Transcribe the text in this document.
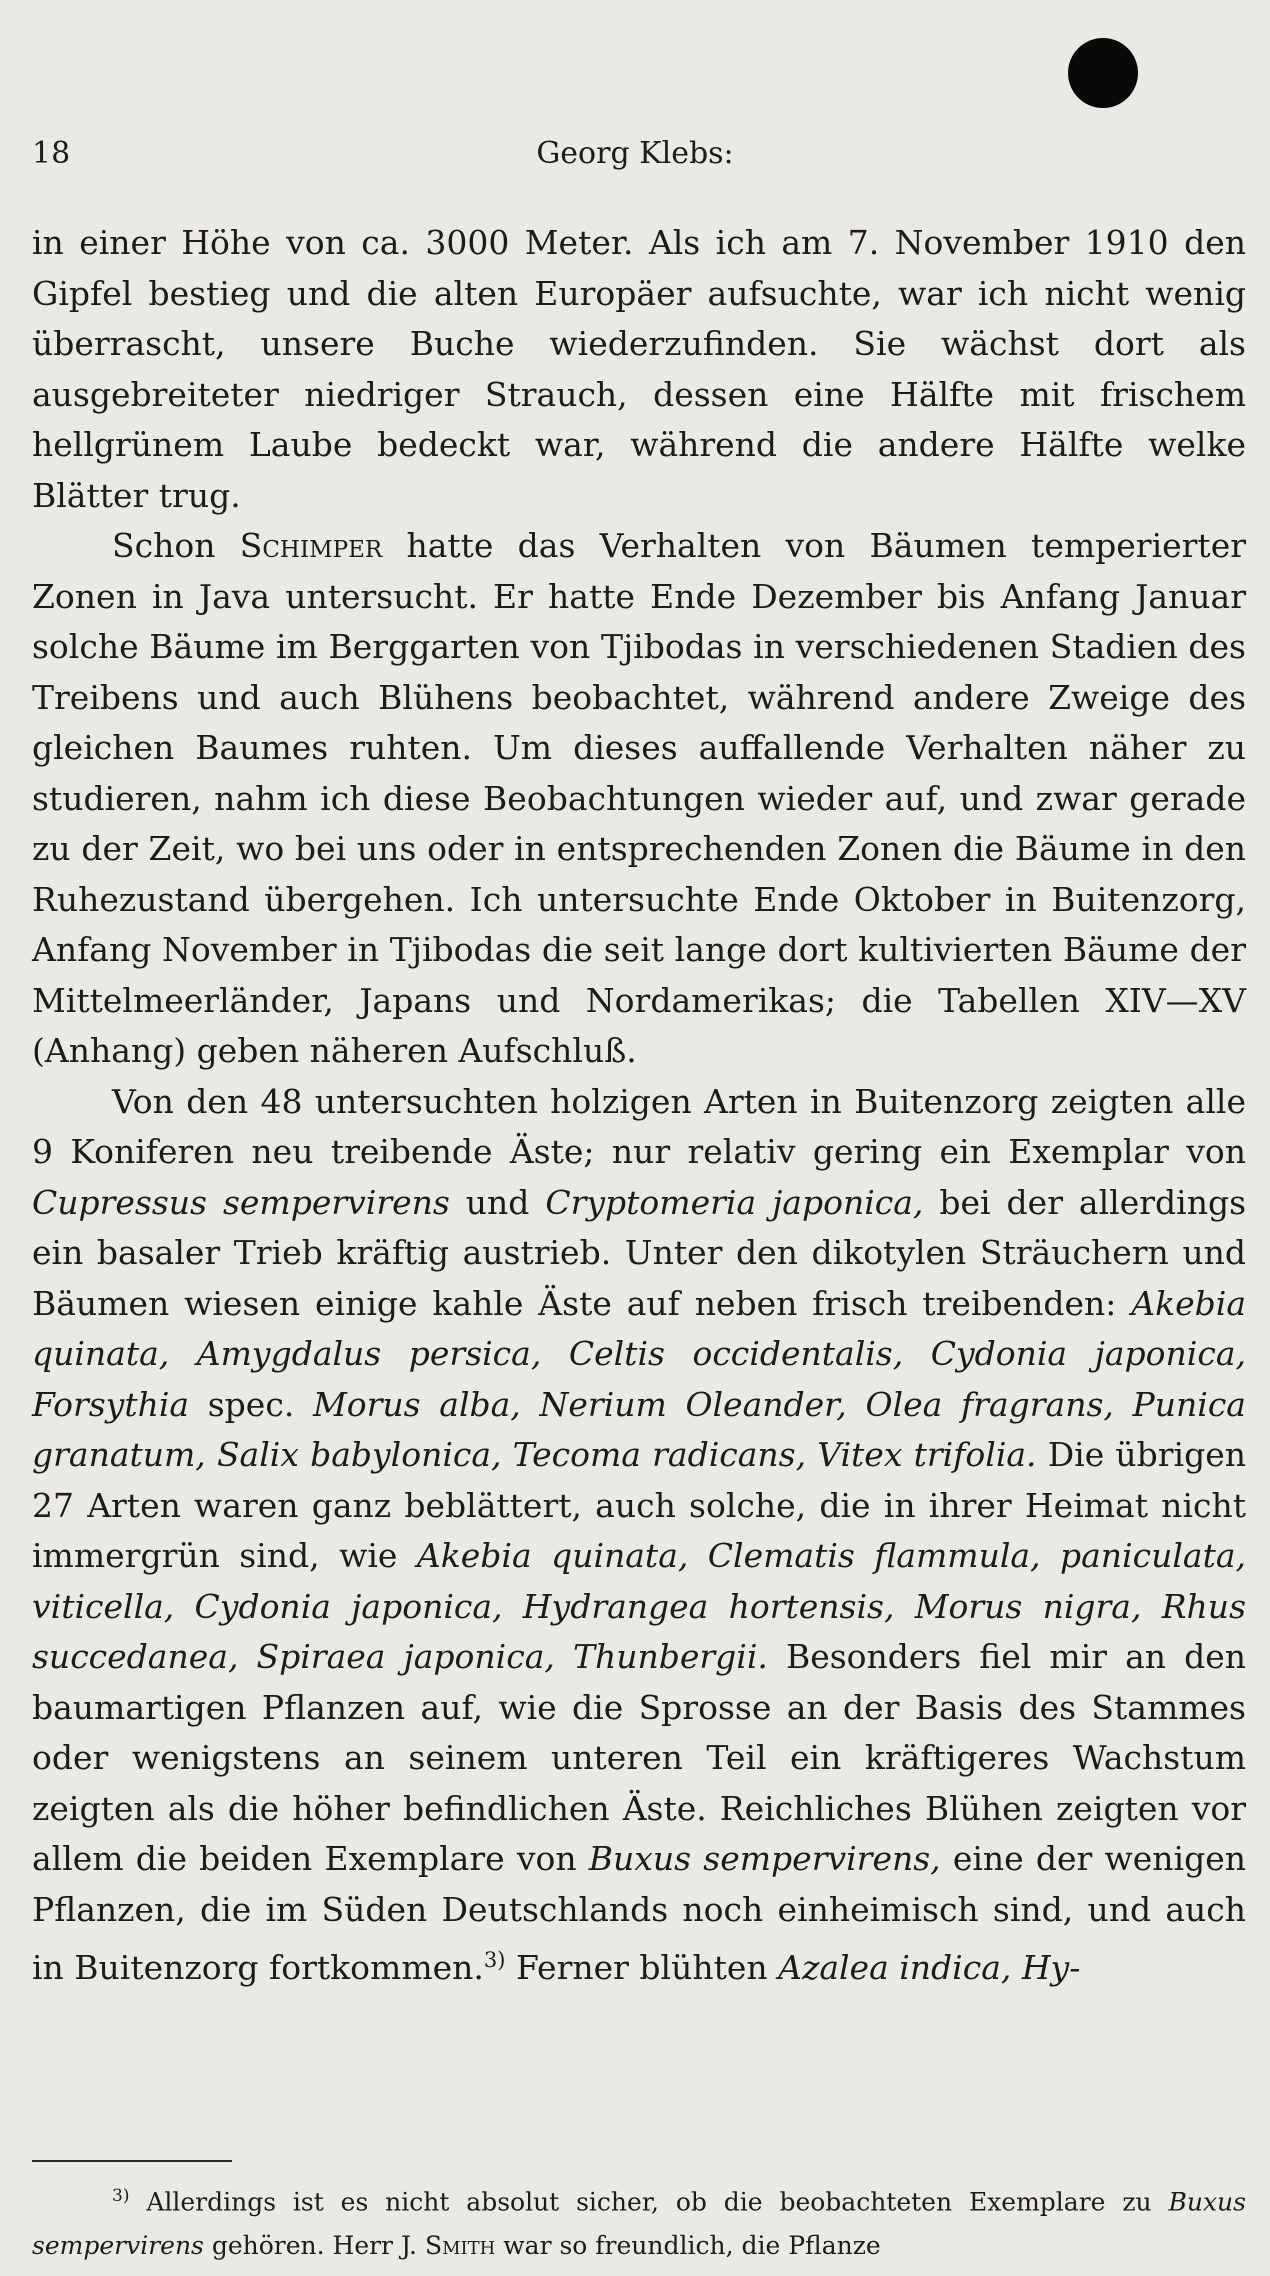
18	Georg Klebs:

in einer Höhe von ca. 3000 Meter. Als ich am 7. November 1910 den Gipfel bestieg und die alten Europäer aufsuchte, war ich nicht wenig überrascht, unsere Buche wiederzufinden. Sie wächst dort als ausgebreiteter niedriger Strauch, dessen eine Hälfte mit frischem hellgrünem Laube bedeckt war, während die andere Hälfte welke Blätter trug.

Schon Schimper hatte das Verhalten von Bäumen temperierter Zonen in Java untersucht. Er hatte Ende Dezember bis Anfang Januar solche Bäume im Berggarten von Tjibodas in verschiedenen Stadien des Treibens und auch Blühens beobachtet, während andere Zweige des gleichen Baumes ruhten. Um dieses auffallende Verhalten näher zu studieren, nahm ich diese Beobachtungen wieder auf, und zwar gerade zu der Zeit, wo bei uns oder in entsprechenden Zonen die Bäume in den Ruhezustand übergehen. Ich untersuchte Ende Oktober in Buitenzorg, Anfang November in Tjibodas die seit lange dort kultivierten Bäume der Mittelmeerländer, Japans und Nordamerikas; die Tabellen XIV—XV (Anhang) geben näheren Aufschluß.

Von den 48 untersuchten holzigen Arten in Buitenzorg zeigten alle 9 Koniferen neu treibende Äste; nur relativ gering ein Exemplar von Cupressus sempervirens und Cryptomeria japonica, bei der allerdings ein basaler Trieb kräftig austrieb. Unter den dikotylen Sträuchern und Bäumen wiesen einige kahle Äste auf neben frisch treibenden: Akebia quinata, Amygdalus persica, Celtis occidentalis, Cydonia japonica, Forsythia spec. Morus alba, Nerium Oleander, Olea fragrans, Punica granatum, Salix babylonica, Tecoma radicans, Vitex trifolia. Die übrigen 27 Arten waren ganz beblättert, auch solche, die in ihrer Heimat nicht immergrün sind, wie Akebia quinata, Clematis flammula, paniculata, viticella, Cydonia japonica, Hydrangea hortensis, Morus nigra, Rhus succedanea, Spiraea japonica, Thunbergii. Besonders fiel mir an den baumartigen Pflanzen auf, wie die Sprosse an der Basis des Stammes oder wenigstens an seinem unteren Teil ein kräftigeres Wachstum zeigten als die höher befindlichen Äste. Reichliches Blühen zeigten vor allem die beiden Exemplare von Buxus sempervirens, eine der wenigen Pflanzen, die im Süden Deutschlands noch einheimisch sind, und auch in Buitenzorg fortkommen.$^{3)}$ Ferner blühten Azalea indica, Hy-

$^{3)}$ Allerdings ist es nicht absolut sicher, ob die beobachteten Exemplare zu Buxus sempervirens gehören. Herr J. Smith war so freundlich, die Pflanze
